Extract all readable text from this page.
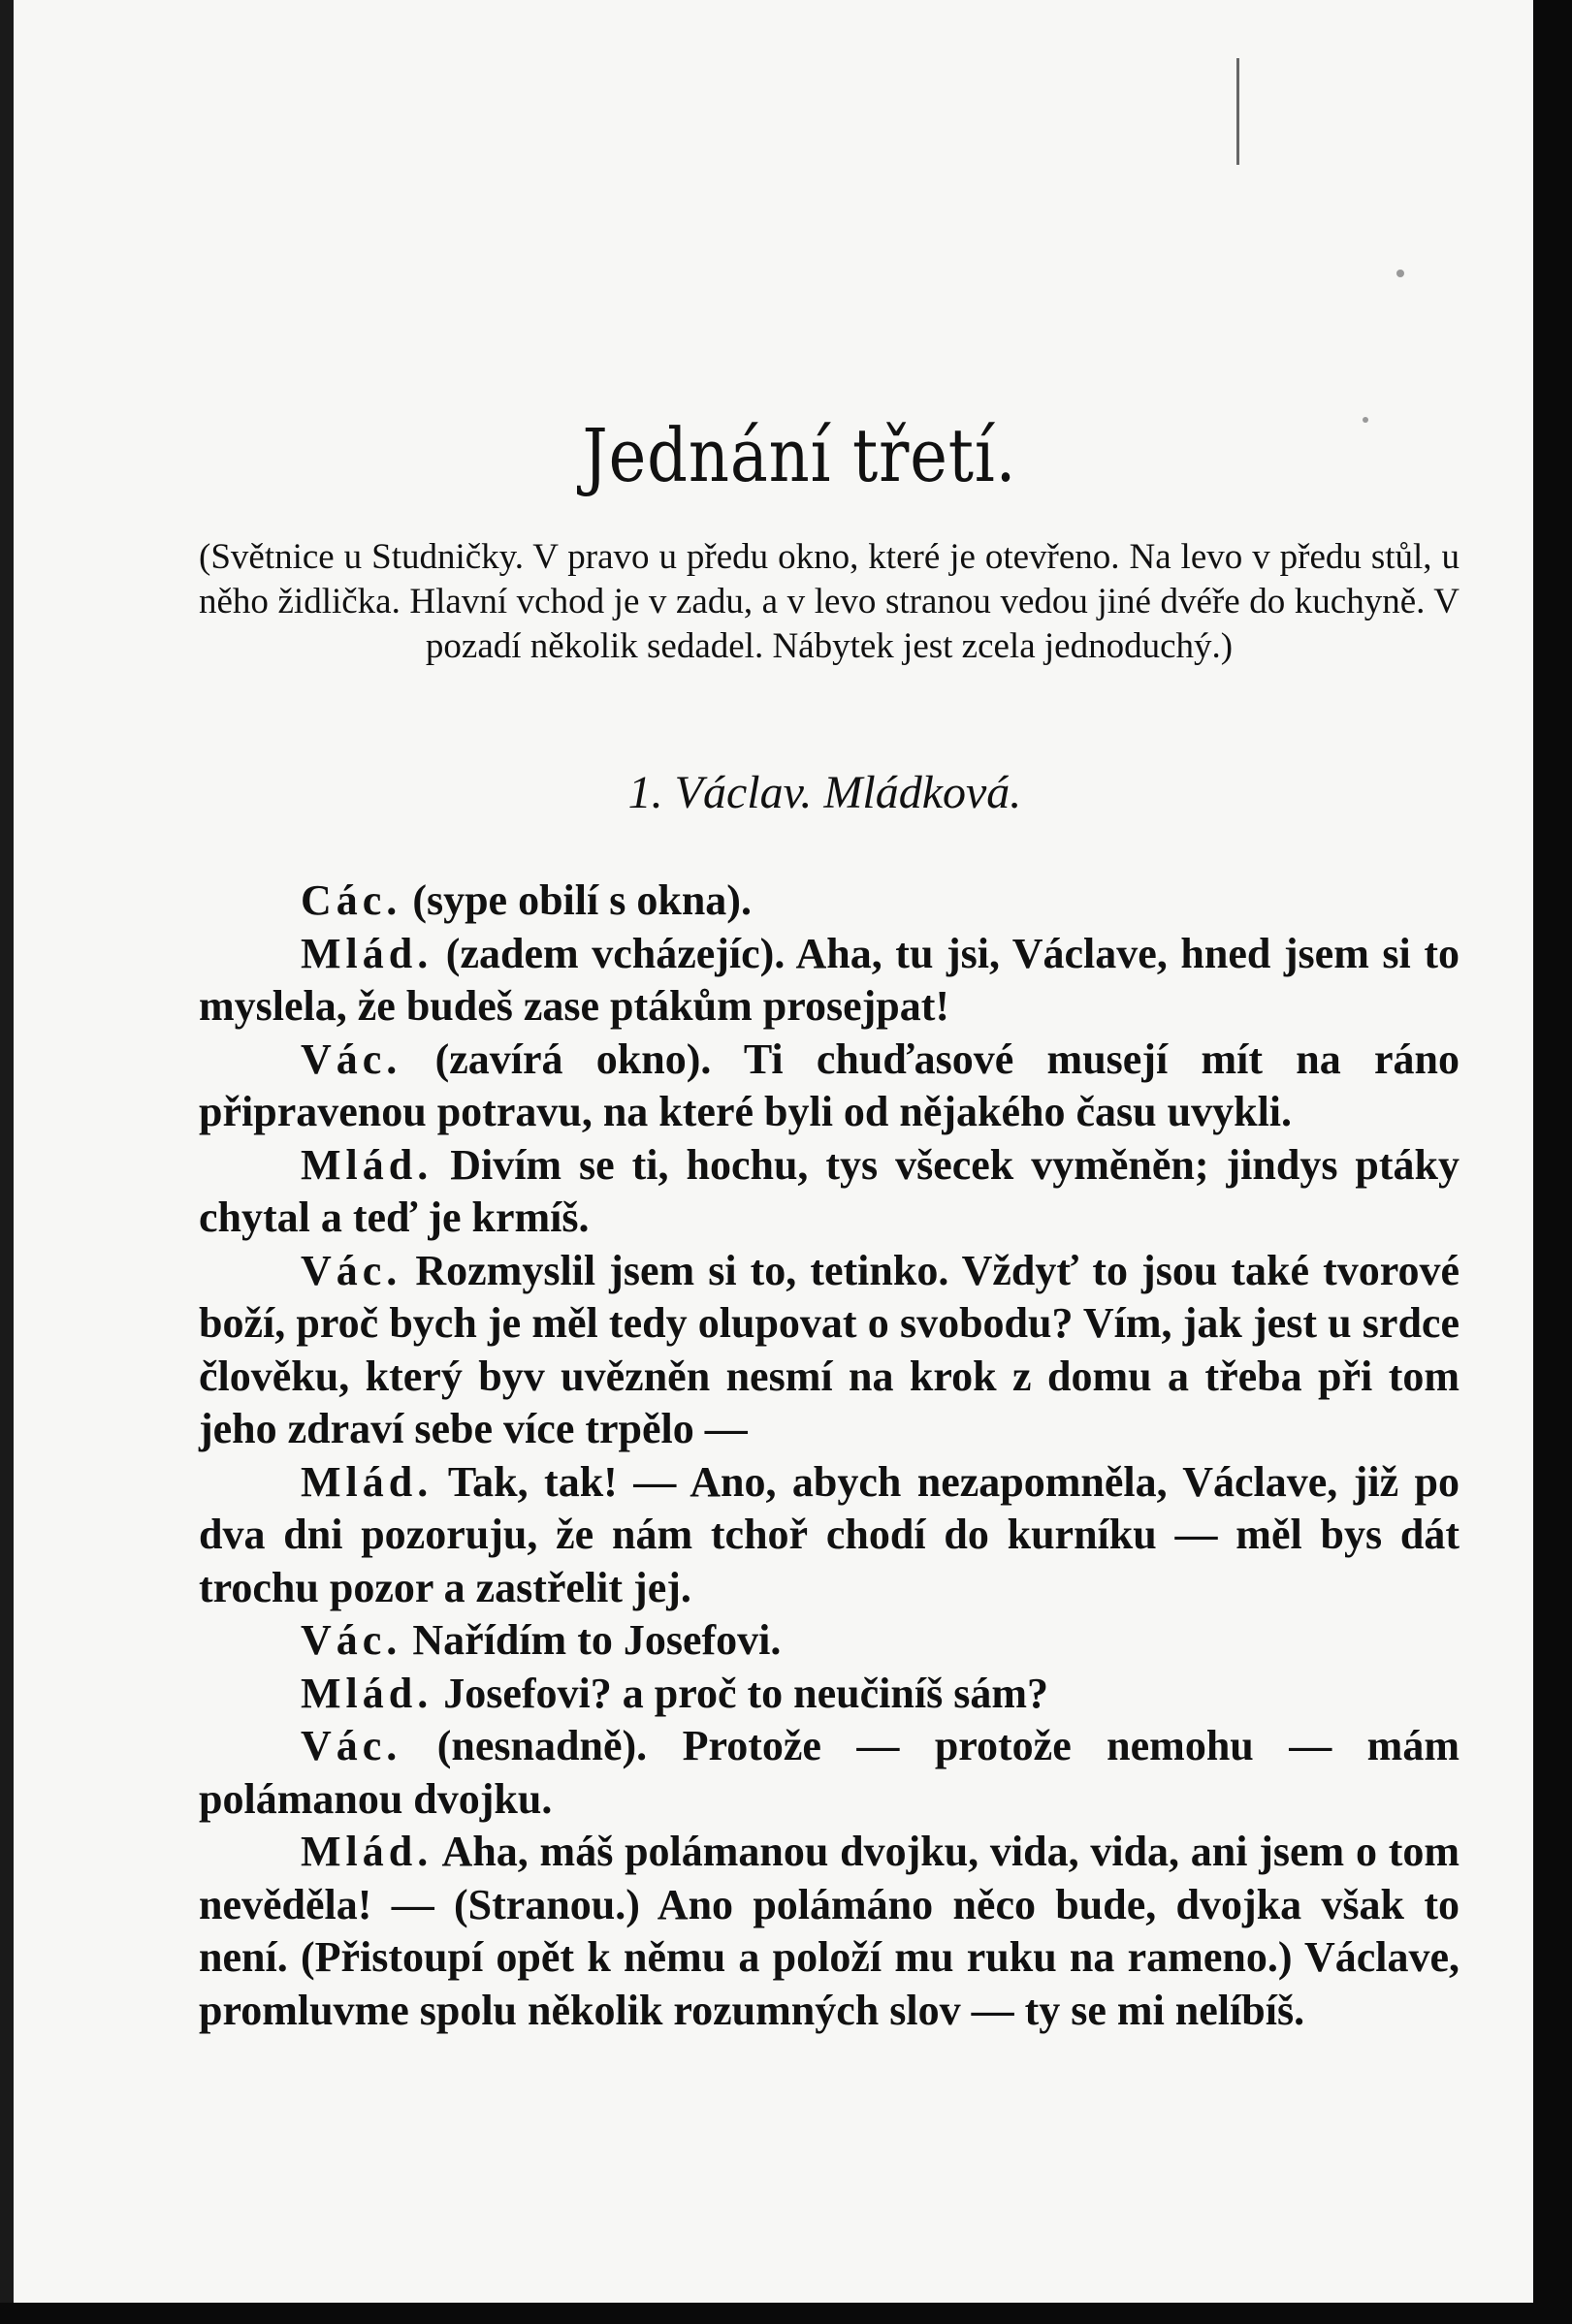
Jednání třetí.
(Světnice u Studničky. V pravo u předu okno, které je otevřeno. Na levo v předu stůl, u něho židlička. Hlavní vchod je v zadu, a v levo stranou vedou jiné dvéře do kuchyně. V pozadí několik sedadel. Nábytek jest zcela jednoduchý.)
1. Václav. Mládková.

Các. (sype obilí s okna).

Mlád. (zadem vcházejíc). Aha, tu jsi, Václave, hned jsem si to myslela, že budeš zase ptákům prosejpat!

Vác. (zavírá okno). Ti chuďasové musejí mít na ráno připravenou potravu, na které byli od nějakého času uvykli.

Mlád. Divím se ti, hochu, tys všecek vyměněn; jindys ptáky chytal a teď je krmíš.

Vác. Rozmyslil jsem si to, tetinko. Vždyť to jsou také tvorové boží, proč bych je měl tedy olupovat o svobodu? Vím, jak jest u srdce člověku, který byv uvězněn nesmí na krok z domu a třeba při tom jeho zdraví sebe více trpělo —

Mlád. Tak, tak! — Ano, abych nezapomněla, Václave, již po dva dni pozoruju, že nám tchoř chodí do kurníku — měl bys dát trochu pozor a zastřelit jej.

Vác. Nařídím to Josefovi.

Mlád. Josefovi? a proč to neučiníš sám?

Vác. (nesnadně). Protože — protože nemohu — mám polámanou dvojku.

Mlád. Aha, máš polámanou dvojku, vida, vida, ani jsem o tom nevěděla! — (Stranou.) Ano polámáno něco bude, dvojka však to není. (Přistoupí opět k němu a položí mu ruku na rameno.) Václave, promluvme spolu několik rozumných slov — ty se mi nelíbíš.
